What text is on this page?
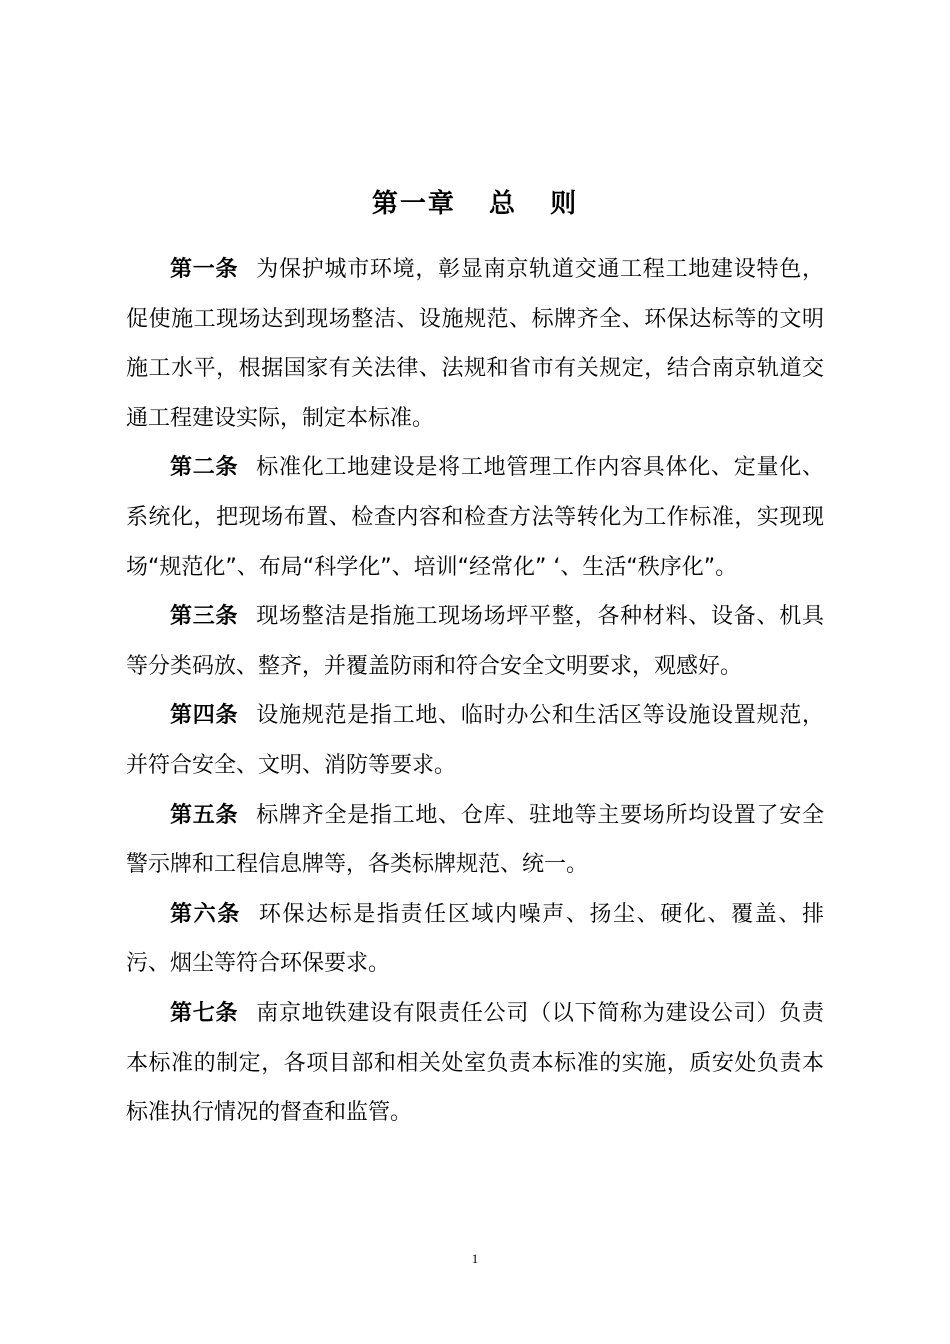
第一章   总   则

第一条 为保护城市环境，彰显南京轨道交通工程工地建设特色，促使施工现场达到现场整洁、设施规范、标牌齐全、环保达标等的文明施工水平，根据国家有关法律、法规和省市有关规定，结合南京轨道交通工程建设实际，制定本标准。

第二条 标准化工地建设是将工地管理工作内容具体化、定量化、系统化，把现场布置、检查内容和检查方法等转化为工作标准，实现现场“规范化”、布局“科学化”、培训“经常化” ‘、生活“秩序化”。

第三条 现场整洁是指施工现场场坪平整，各种材料、设备、机具等分类码放、整齐，并覆盖防雨和符合安全文明要求，观感好。

第四条 设施规范是指工地、临时办公和生活区等设施设置规范，并符合安全、文明、消防等要求。

第五条 标牌齐全是指工地、仓库、驻地等主要场所均设置了安全警示牌和工程信息牌等，各类标牌规范、统一。

第六条 环保达标是指责任区域内噪声、扬尘、硬化、覆盖、排污、烟尘等符合环保要求。

第七条 南京地铁建设有限责任公司（以下简称为建设公司）负责本标准的制定，各项目部和相关处室负责本标准的实施，质安处负责本标准执行情况的督查和监管。

1
